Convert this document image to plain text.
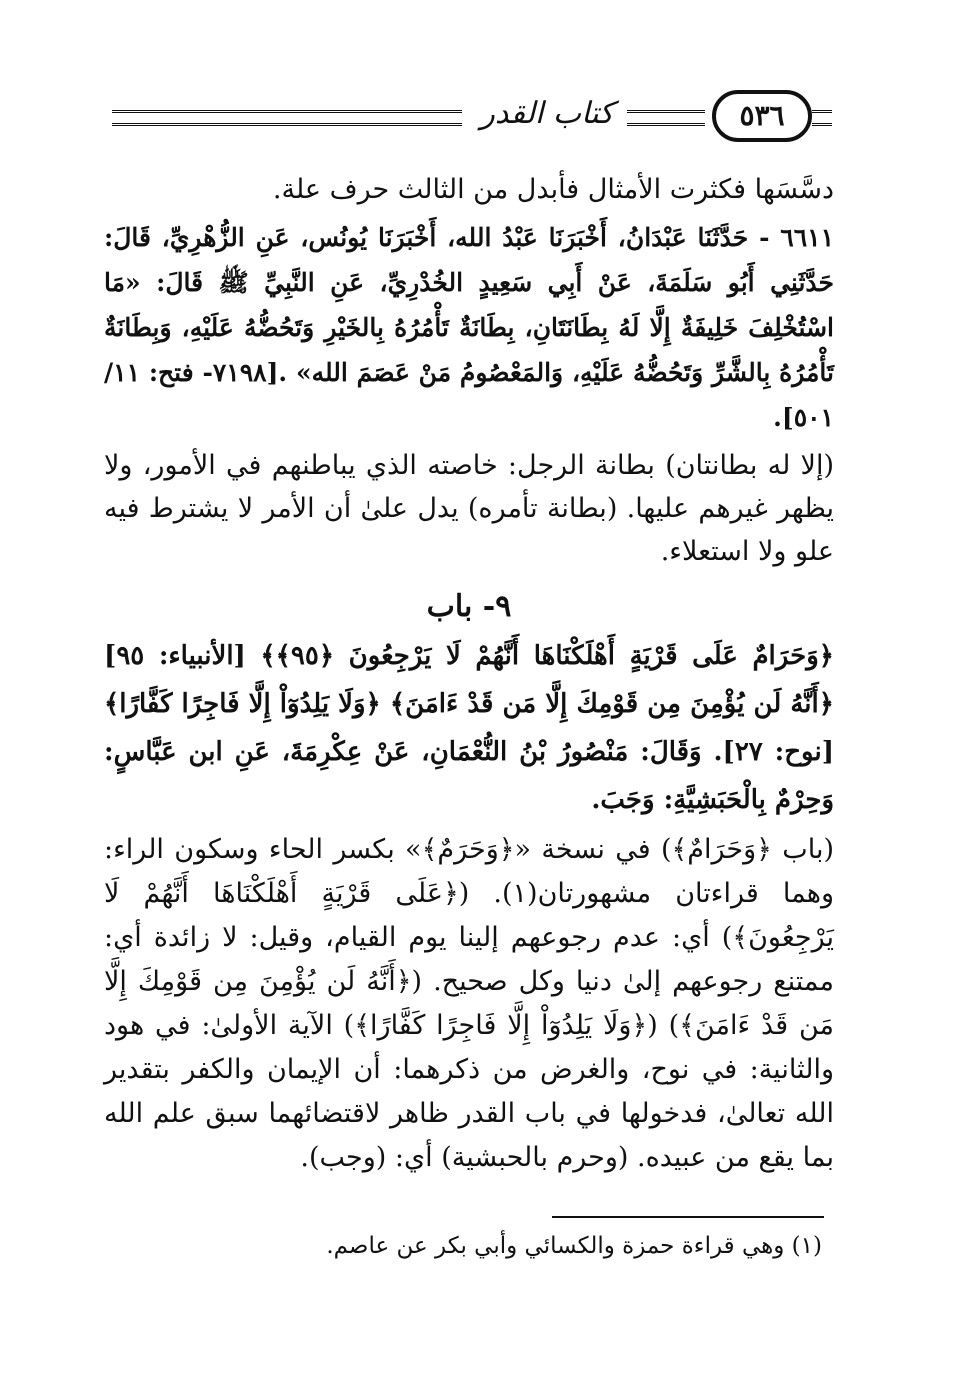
كتاب القدر	٥٣٦

دسَّسَها فكثرت الأمثال فأبدل من الثالث حرف علة.

٦٦١١ - حَدَّثَنَا عَبْدَانُ، أَخْبَرَنَا عَبْدُ الله، أَخْبَرَنَا يُونُس، عَنِ الزُّهْرِيِّ، قَالَ: حَدَّثَنِي أَبُو سَلَمَةَ، عَنْ أَبِي سَعِيدٍ الخُدْرِيِّ، عَنِ النَّبِيِّ ﷺ قَالَ: «مَا اسْتُخْلِفَ خَلِيفَةٌ إِلَّا لَهُ بِطَانَتَانِ، بِطَانَةٌ تَأْمُرُهُ بِالخَيْرِ وَتَحُضُّهُ عَلَيْهِ، وَبِطَانَةٌ تَأْمُرُهُ بِالشَّرِّ وَتَحُضُّهُ عَلَيْهِ، وَالمَعْصُومُ مَنْ عَصَمَ الله» .[٧١٩٨- فتح: ١١/ ٥٠١].

(إلا له بطانتان) بطانة الرجل: خاصته الذي يباطنهم في الأمور، ولا يظهر غيرهم عليها. (بطانة تأمره) يدل علىٰ أن الأمر لا يشترط فيه علو ولا استعلاء.

٩- باب

﴿وَحَرَامٌ عَلَى قَرْيَةٍ أَهْلَكْنَاهَا أَنَّهُمْ لَا يَرْجِعُونَ ﴿٩٥﴾﴾ [الأنبياء: ٩٥] ﴿أَنَّهُ لَن يُؤْمِنَ مِن قَوْمِكَ إِلَّا مَن قَدْ ءَامَنَ﴾ ﴿وَلَا يَلِدُوٓاْ إِلَّا فَاجِرًا كَفَّارًا﴾ [نوح: ٢٧]. وَقَالَ: مَنْصُورُ بْنُ النُّعْمَانِ، عَنْ عِكْرِمَةَ، عَنِ ابن عَبَّاسٍ: وَحِرْمٌ بِالْحَبَشِيَّةِ: وَجَبَ.

(باب ﴿وَحَرَامٌ﴾) في نسخة «﴿وَحَرَمٌ﴾» بكسر الحاء وسكون الراء: وهما قراءتان مشهورتان(١). (﴿عَلَى قَرْيَةٍ أَهْلَكْنَاهَا أَنَّهُمْ لَا يَرْجِعُونَ﴾) أي: عدم رجوعهم إلينا يوم القيام، وقيل: لا زائدة أي: ممتنع رجوعهم إلىٰ دنيا وكل صحيح. (﴿أَنَّهُ لَن يُؤْمِنَ مِن قَوْمِكَ إِلَّا مَن قَدْ ءَامَنَ﴾) (﴿وَلَا يَلِدُوٓاْ إِلَّا فَاجِرًا كَفَّارًا﴾) الآية الأولىٰ: في هود والثانية: في نوح، والغرض من ذكرهما: أن الإيمان والكفر بتقدير الله تعالىٰ، فدخولها في باب القدر ظاهر لاقتضائهما سبق علم الله بما يقع من عبيده. (وحرم بالحبشية) أي: (وجب).

(١) وهي قراءة حمزة والكسائي وأبي بكر عن عاصم.
